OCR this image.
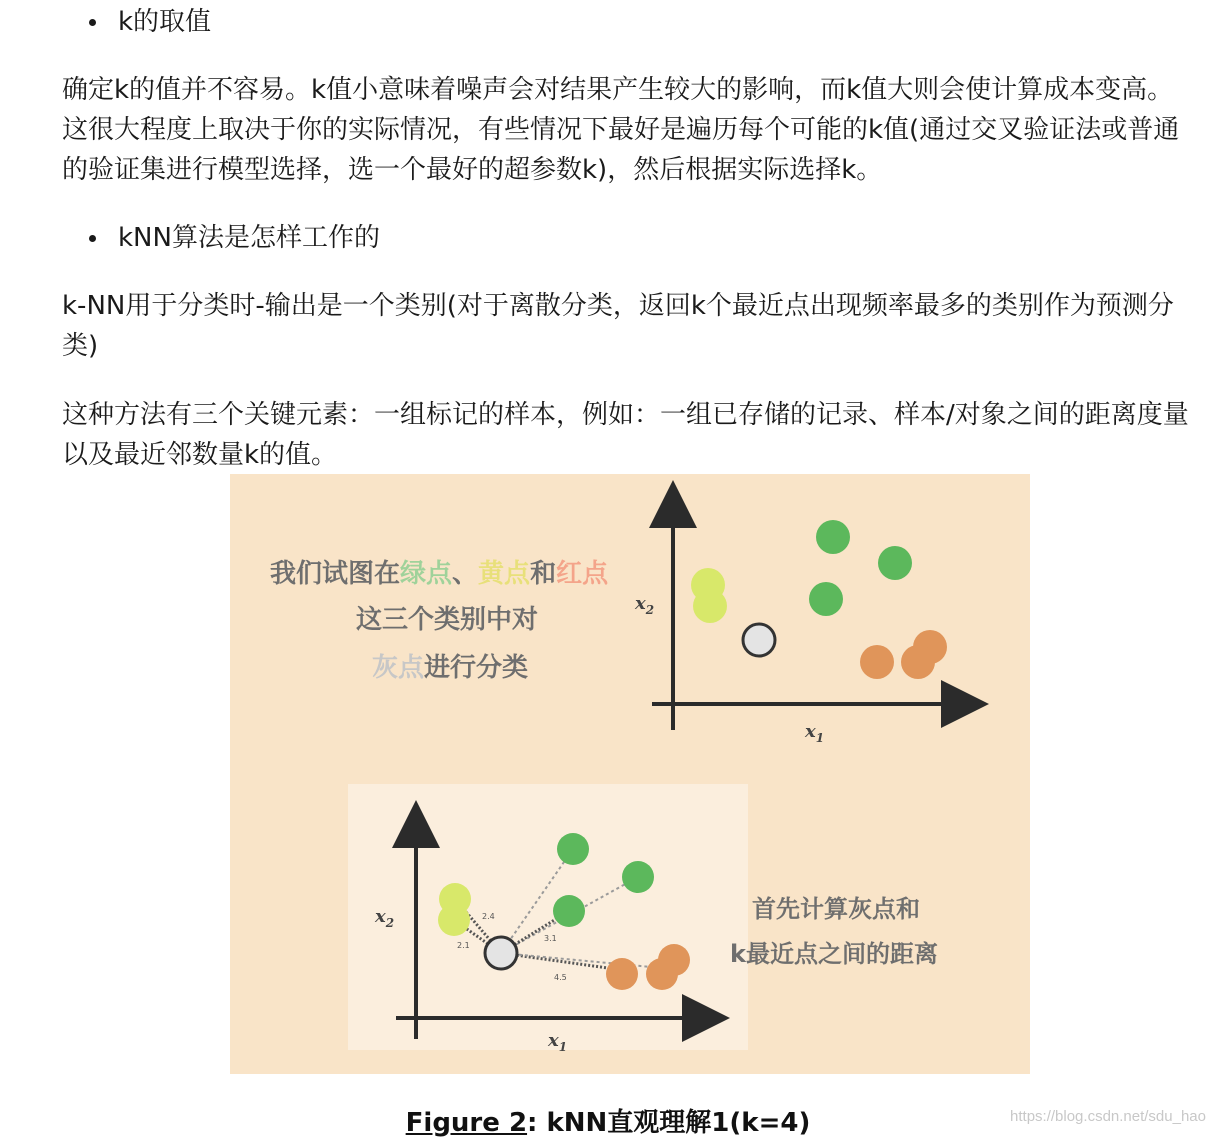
k的取值

确定k的值并不容易。k值小意味着噪声会对结果产生较大的影响，而k值大则会使计算成本变高。这很大程度上取决于你的实际情况，有些情况下最好是遍历每个可能的k值(通过交叉验证法或普通的验证集进行模型选择，选一个最好的超参数k)，然后根据实际选择k。

kNN算法是怎样工作的

k-NN用于分类时-输出是一个类别(对于离散分类，返回k个最近点出现频率最多的类别作为预测分类)

这种方法有三个关键元素：一组标记的样本，例如：一组已存储的记录、样本/对象之间的距离度量以及最近邻数量k的值。

我们试图在绿点、黄点和红点
这三个类别中对
灰点进行分类
$x_2$
$x_1$
$x_2$
$x_1$
2.4
2.1
3.1
4.5
首先计算灰点和
k最近点之间的距离
Figure 2: kNN直观理解1(k=4)	https://blog.csdn.net/sdu_hao
